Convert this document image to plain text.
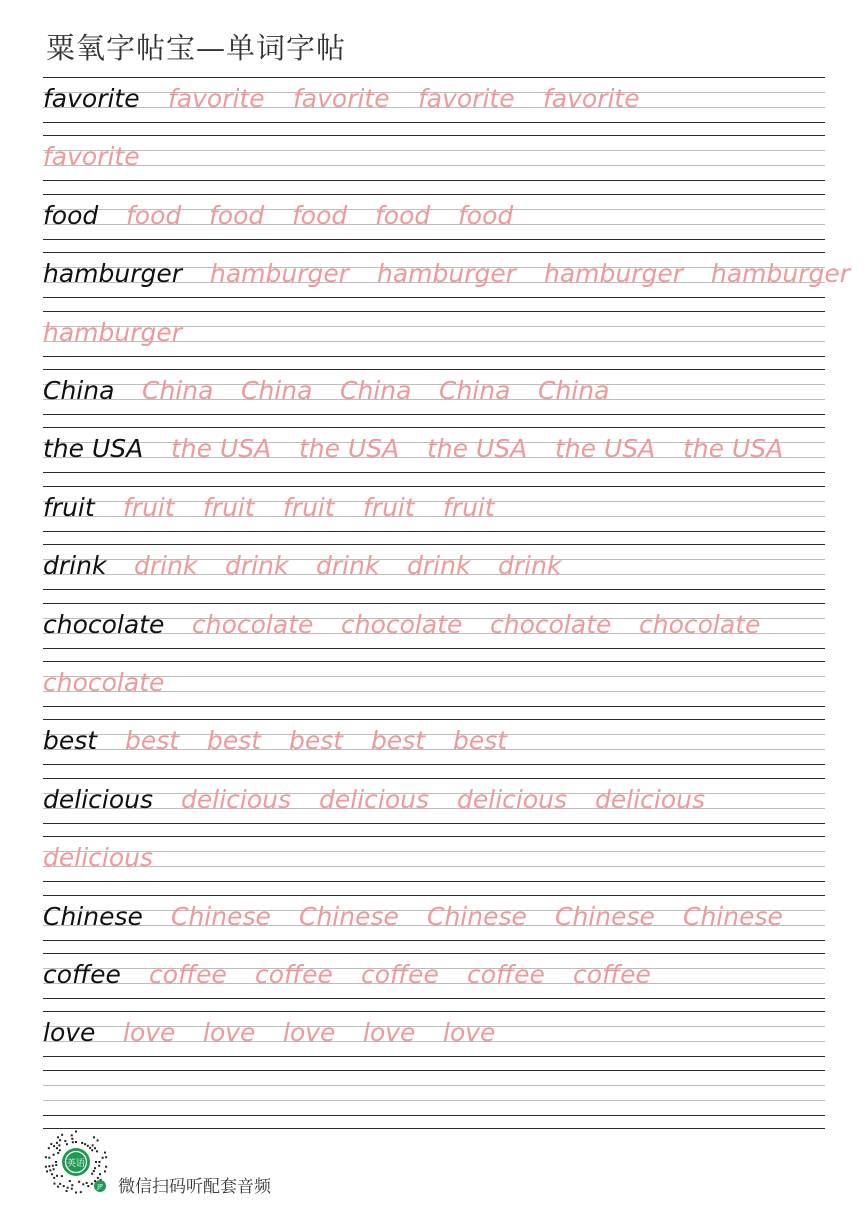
粟氧字帖宝—单词字帖
favorite favorite favorite favorite favorite
favorite
food food food food food food
hamburger hamburger hamburger hamburger hamburger
hamburger
China China China China China China
the USA the USA the USA the USA the USA the USA
fruit fruit fruit fruit fruit fruit
drink drink drink drink drink drink
chocolate chocolate chocolate chocolate chocolate
chocolate
best best best best best best
delicious delicious delicious delicious delicious
delicious
Chinese Chinese Chinese Chinese Chinese Chinese
coffee coffee coffee coffee coffee coffee
love love love love love love
英语
JP 微信扫码听配套音频
